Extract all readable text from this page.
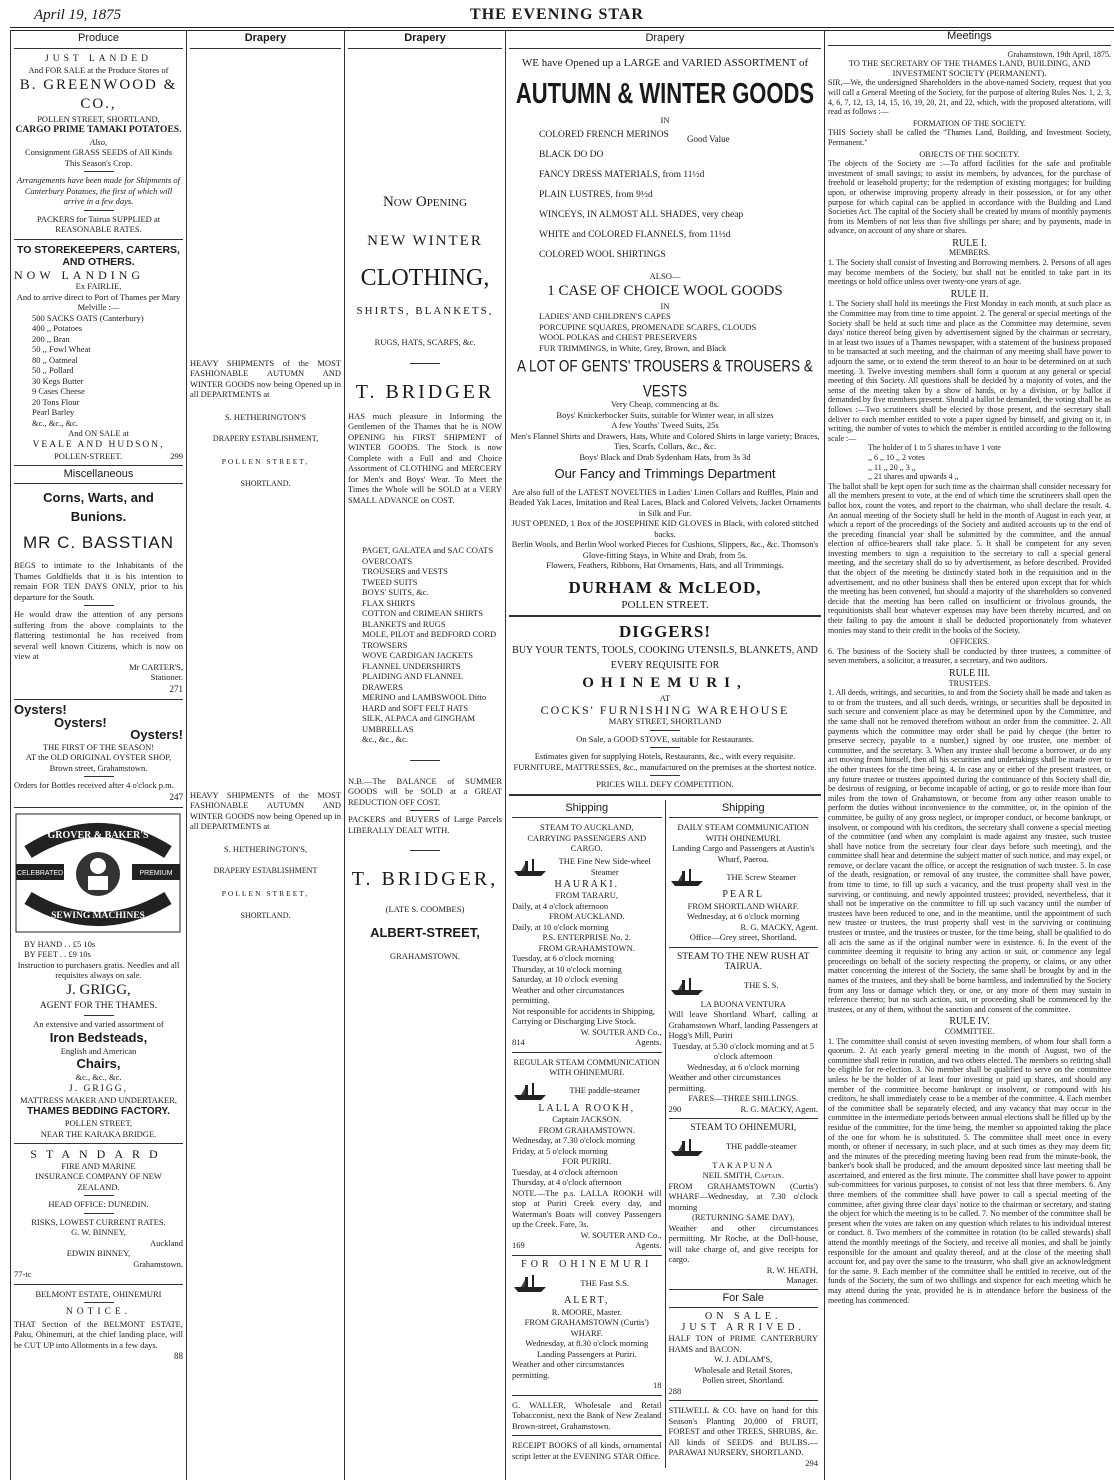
April 19, 1875	THE EVENING STAR
Produce
JUST LANDED
And FOR SALE at the Produce Stores of
B. GREENWOOD & CO.,
POLLEN STREET, SHORTLAND,
CARGO PRIME TAMAKI POTATOES.
Also,
Consignment GRASS SEEDS of All Kinds
This Season's Crop.
Arrangements have been made for Shipments of Canterbury Potatoes, the first of which will arrive in a few days.
PACKERS for Tairua SUPPLIED at REASONABLE RATES.
TO STOREKEEPERS, CARTERS, AND OTHERS.
NOW LANDING
Ex FAIRLIE,
And to arrive direct to Port of Thames per Mary Melville :—
500 SACKS OATS (Canterbury)
400 ,, Potatoes
200 ,, Bran
50 ,, Fowl Wheat
80 ,, Oatmeal
50 ,, Pollard
30 Kegs Butter
9 Cases Cheese
20 Tons Flour
Pearl Barley
&c., &c., &c.
And ON SALE at
VEALE AND HUDSON,
POLLEN-STREET.	299
Miscellaneous
Corns, Warts, and
Bunions.
MR C. BASSTIAN
BEGS to intimate to the Inhabitants of the Thames Goldfields that it is his intention to remain FOR TEN DAYS ONLY, prior to his departure for the South.
He would draw the attention of any persons suffering from the above complaints to the flattering testimonial he has received from several well known Citizens, which is now on view at
Mr CARTER'S,
Stationer.
271
Oysters!
Oysters!
Oysters!
THE FIRST OF THE SEASON!
AT the OLD ORIGINAL OYSTER SHOP, Brown street, Grahamstown.
Orders for Bottles received after 4 o'clock p.m.
247
GROVER & BAKER'S
CELEBRATED	PREMIUM
SEWING MACHINES
BY HAND . . £5 10s
BY FEET . . £9 10s
Instruction to purchasers gratis. Needles and all requisites always on sale.
J. GRIGG,
AGENT FOR THE THAMES.
An extensive and varied assortment of
Iron Bedsteads,
English and American
Chairs,
&c., &c., &c.
J. GRIGG,
MATTRESS MAKER AND UNDERTAKER,
THAMES BEDDING FACTORY.
POLLEN STREET,
NEAR THE KARAKA BRIDGE.
STANDARD
FIRE AND MARINE
INSURANCE COMPANY OF NEW ZEALAND.
HEAD OFFICE: DUNEDIN.
RISKS, LOWEST CURRENT RATES.
G. W. BINNEY,
Auckland
EDWIN BINNEY,
Grahamstown.
77-tc
BELMONT ESTATE, OHINEMURI
NOTICE.
THAT Section of the BELMONT ESTATE, Paku, Ohinemuri, at the chief landing place, will be CUT UP into Allotments in a few days.
88
Drapery
HEAVY SHIPMENTS of the MOST FASHIONABLE AUTUMN AND WINTER GOODS now being Opened up in all DEPARTMENTS at
S. HETHERINGTON'S
DRAPERY ESTABLISHMENT,
POLLEN STREET,
SHORTLAND.
HEAVY SHIPMENTS of the MOST FASHIONABLE AUTUMN AND WINTER GOODS now being Opened up in all DEPARTMENTS at
S. HETHERINGTON'S,
DRAPERY ESTABLISHMENT
POLLEN STREET,
SHORTLAND.
Drapery
Now Opening
NEW WINTER
CLOTHING,
SHIRTS, BLANKETS,
RUGS, HATS, SCARFS, &c.
T. BRIDGER
HAS much pleasure in Informing the Gentlemen of the Thames that he is NOW OPENING his FIRST SHIPMENT of WINTER GOODS. The Stock is now Complete with a Full and and Choice Assortment of CLOTHING and MERCERY for Men's and Boys' Wear. To Meet the Times the Whole will be SOLD at a VERY SMALL ADVANCE on COST.
PAGET, GALATEA and SAC COATS
OVERCOATS
TROUSERS and VESTS
TWEED SUITS
BOYS' SUITS, &c.
FLAX SHIRTS
COTTON and CRIMEAN SHIRTS
BLANKETS and RUGS
MOLE, PILOT and BEDFORD CORD TROWSERS
WOVE CARDIGAN JACKETS
FLANNEL UNDERSHIRTS
PLAIDING AND FLANNEL DRAWERS
MERINO and LAMBSWOOL Ditto
HARD and SOFT FELT HATS
SILK, ALPACA and GINGHAM UMBRELLAS
&c., &c., &c.
N.B.—The BALANCE of SUMMER GOODS will be SOLD at a GREAT REDUCTION OFF COST.
PACKERS and BUYERS of Large Parcels LIBERALLY DEALT WITH.
T. BRIDGER,
(LATE S. COOMBES)
ALBERT-STREET,
GRAHAMSTOWN.
Drapery
WE have Opened up a LARGE and VARIED ASSORTMENT of
AUTUMN & WINTER GOODS
IN
COLORED FRENCH MERINOS
BLACK DO DO
Good Value
FANCY DRESS MATERIALS, from 11½d
PLAIN LUSTRES, from 9½d
WINCEYS, IN ALMOST ALL SHADES, very cheap
WHITE and COLORED FLANNELS, from 11½d
COLORED WOOL SHIRTINGS
ALSO—
1 CASE OF CHOICE WOOL GOODS
IN
LADIES' AND CHILDREN'S CAPES
PORCUPINE SQUARES, PROMENADE SCARFS, CLOUDS
WOOL POLKAS and CHEST PRESERVERS
FUR TRIMMINGS, in White, Grey, Brown, and Black
A LOT OF GENTS' TROUSERS & TROUSERS & VESTS
Very Cheap, commencing at 8s.
Boys' Knickerbocker Suits, suitable for Winter wear, in all sizes
A few Youths' Tweed Suits, 25s
Men's Flannel Shirts and Drawers, Hats, White and Colored Shirts in large variety; Braces, Ties, Scarfs, Collars, &c., &c.
Boys' Black and Drab Sydenham Hats, from 3s 3d
Our Fancy and Trimmings Department
Are also full of the LATEST NOVELTIES in Ladies' Linen Collars and Ruffles, Plain and Beaded Yak Laces, Imitation and Real Laces, Black and Colored Velvets, Jacket Ornaments in Silk and Fur.
JUST OPENED, 1 Box of the JOSEPHINE KID GLOVES in Black, with colored stitched backs.
Berlin Wools, and Berlin Wool worked Pieces for Cushions, Slippers, &c., &c. Thomson's Glove-fitting Stays, in White and Drab, from 5s.
Flowers, Feathers, Ribbons, Hat Ornaments, Hats, and all Trimmings.
DURHAM & McLEOD,
POLLEN STREET.
DIGGERS!
BUY YOUR TENTS, TOOLS, COOKING UTENSILS, BLANKETS, AND EVERY REQUISITE FOR
OHINEMURI,
AT
COCKS' FURNISHING WAREHOUSE
MARY STREET, SHORTLAND
On Sale, a GOOD STOVE, suitable for Restaurants.
Estimates given for supplying Hotels, Restaurants, &c., with every requisite. FURNITURE, MATTRESSES, &c., manufactured on the premises at the shortest notice.
PRICES WILL DEFY COMPETITION.
Shipping
STEAM TO AUCKLAND,
CARRYING PASSENGERS AND CARGO.
THE Fine New Side-wheel Steamer
HAURAKI.
FROM TARARU,
Daily, at 4 o'clock afternoon
FROM AUCKLAND.
Daily, at 10 o'clock morning
P.S. ENTERPRISE No. 2.
FROM GRAHAMSTOWN.
Tuesday, at 6 o'clock morning
Thursday, at 10 o'clock morning
Saturday, at 10 o'clock evening
Weather and other circumstances permitting.
Not responsible for accidents in Shipping, Carrying or Discharging Live Stock.
W. SOUTER AND Co.,
814	Agents.
REGULAR STEAM COMMUNICATION WITH OHINEMURI.
THE paddle-steamer
LALLA ROOKH,
Captain JACKSON.
FROM GRAHAMSTOWN.
Wednesday, at 7.30 o'clock morning
Friday, at 5 o'clock morning
FOR PURIRI.
Tuesday, at 4 o'clock afternoon
Thursday, at 4 o'clock afternoon
NOTE.—The p.s. LALLA ROOKH will stop at Puriri Creek every day, and Waterman's Boats will convey Passengers up the Creek. Fare, 3s.
W. SOUTER AND Co.,
169	Agents.
FOR OHINEMURI
THE Fast S.S.
ALERT,
R. MOORE, Master.
FROM GRAHAMSTOWN (Curtis') WHARF.
Wednesday, at 8.30 o'clock morning
Landing Passengers at Puriri.
Weather and other circumstances permitting.
18
G. WALLER, Wholesale and Retail Tobacconist, next the Bank of New Zealand Brown-street, Grahamstown.
RECEIPT BOOKS of all kinds, ornamental script letter at the EVENING STAR Office.
Shipping
DAILY STEAM COMMUNICATION WITH OHINEMURI.
Landing Cargo and Passengers at Austin's Wharf, Paeroa.
THE Screw Steamer
PEARL
FROM SHORTLAND WHARF.
Wednesday, at 6 o'clock morning
R. G. MACKY, Agent.
Office—Grey street, Shortland.
STEAM TO THE NEW RUSH AT TAIRUA.
THE S. S.
LA BUONA VENTURA
Will leave Shortland Wharf, calling at Grahamstown Wharf, landing Passengers at Hogg's Mill, Puriri
Tuesday, at 5.30 o'clock morning and at 5 o'clock afternoon
Wednesday, at 6 o'clock morning
Weather and other circumstances permitting.
FARES—THREE SHILLINGS.
290	R. G. MACKY, Agent.
STEAM TO OHINEMURI,
THE paddle-steamer
TAKAPUNA
NEIL SMITH, Captain.
FROM GRAHAMSTOWN (Curtis') WHARF—Wednesday, at 7.30 o'clock morning
(RETURNING SAME DAY).
Weather and other circumstances permitting. Mr Roche, at the Doll-house, will take charge of, and give receipts for cargo.
R. W. HEATH,
Manager.
For Sale
ON SALE.
JUST ARRIVED.
HALF TON of PRIME CANTERBURY HAMS and BACON.
W. J. ADLAM'S,
Wholesale and Retail Stores,
Pollen street, Shortland.
288
STILWELL & CO. have on hand for this Season's Planting 20,000 of FRUIT, FOREST and other TREES, SHRUBS, &c. All kinds of SEEDS and BULBS.—PARAWAI NURSERY, SHORTLAND.
294
Meetings
Grahamstown, 19th April, 1875.
TO THE SECRETARY OF THE THAMES LAND, BUILDING, AND INVESTMENT SOCIETY (PERMANENT).
SIR,—We, the undersigned Shareholders in the above-named Society, request that you will call a General Meeting of the Society, for the purpose of altering Rules Nos. 1, 2, 3, 4, 6, 7, 12, 13, 14, 15, 16, 19, 20, 21, and 22, which, with the proposed alterations, will read as follows :—
FORMATION OF THE SOCIETY.
THIS Society shall be called the "Thames Land, Building, and Investment Society, Permanent."
OBJECTS OF THE SOCIETY.
The objects of the Society are :—To afford facilities for the safe and profitable investment of small savings; to assist its members, by advances, for the purchase of freehold or leasehold property; for the redemption of existing mortgages; for building upon, or otherwise improving property already in their possession, or for any other purpose for which capital can be applied in accordance with the Building and Land Societies Act. The capital of the Society shall be created by means of monthly payments from its Members of not less than five shillings per share; and by payments, made in advance, on account of any share or shares.
RULE I.
MEMBERS.
1. The Society shall consist of Investing and Borrowing members. 2. Persons of all ages may become members of the Society, but shall not be entitled to take part in its meetings or hold office unless over twenty-one years of age.
RULE II.
1. The Society shall hold its meetings the First Monday in each month, at such place as the Committee may from time to time appoint. 2. The general or special meetings of the Society shall be held at such time and place as the Committee may determine, seven days' notice thereof being given by advertisement signed by the chairman or secretary, in at least two issues of a Thames newspaper, with a statement of the business proposed to be transacted at such meeting, and the chairman of any meeting shall have power to adjourn the same, or to extend the term thereof to an hour to be determined on at such meeting. 3. Twelve investing members shall form a quorum at any general or special meeting of this Society. All questions shall be decided by a majority of votes, and the sense of the meeting taken by a show of hands, or by a division, or by ballot if demanded by five members present. Should a ballot be demanded, the voting shall be as follows :—Two scrutineers shall be elected by those present, and the secretary shall deliver to each member entitled to vote a paper signed by himself, and giving on it, in writing, the number of votes to which the member is entitled according to the following scale :—
The holder of 1 to 5 shares to have 1 vote
,, 6 ,, 10 ,, 2 votes
,, 11 ,, 20 ,, 3 ,,
,, 21 shares and upwards 4 ,,
The ballot shall be kept open for such time as the chairman shall consider necessary for all the members present to vote, at the end of which time the scrutineers shall open the ballot box, count the votes, and report to the chairman, who shall declare the result. 4. An annual meeting of the Society shall be held in the month of August in each year, at which a report of the proceedings of the Society and audited accounts up to the end of the preceding financial year shall be submitted by the committee, and the annual election of office-bearers shall take place. 5. It shall be competent for any seven investing members to sign a requisition to the secretary to call a special general meeting, and the secretary shall do so by advertisement, as before described. Provided that the object of the meeting be distinctly stated both in the requisition and in the advertisement, and no other business shall then be entered upon except that for which the meeting has been convened, but should a majority of the shareholders so convened decide that the meeting has been called on insufficient or frivolous grounds, the requisitionists shall bear whatever expenses may have been thereby incurred, and on their failing to pay the amount it shall be deducted proportionately from whatever monies may stand to their credit in the books of the Society.
OFFICERS.
6. The business of the Society shall be conducted by three trustees, a committee of seven members, a solicitor, a treasurer, a secretary, and two auditors.
RULE III.
TRUSTEES.
1. All deeds, writings, and securities, to and from the Society shall be made and taken as to or from the trustees, and all such deeds, writings, or securities shall be deposited in such secure and convenient place as may be determined upon by the Committee, and the same shall not be removed therefrom without an order from the committee. 2. All payments which the committee may order shall be paid by cheque (the better to preserve secrecy, payable to a number,) signed by one trustee, one member of committee, and the secretary. 3. When any trustee shall become a borrower, or do any act moving from himself, then all his securities and undertakings shall be made over to the other trustees for the time being. 4. In case any or either of the present trustees, or any future trustee or trustees appointed during the continuance of this Society shall die, be desirous of resigning, or become incapable of acting, or go to reside more than four miles from the town of Grahamstown, or become from any other reason unable to perform the duties without inconvenience to the committee, or, in the opinion of the committee, be guilty of any gross neglect, or improper conduct, or become bankrupt, or insolvent, or compound with his creditors, the secretary shall convene a special meeting of the committee (and when any complaint is made against any trustee, such trustee shall have notice from the secretary four clear days before such meeting), and the committee shall hear and determine the subject matter of such notice, and may expel, or remove, or declare vacant the office, or accept the resignation of such trustee. 5. In case of the death, resignation, or removal of any trustee, the committee shall have power, from time to time, to fill up such a vacancy, and the trust property shall vest in the surviving, or continuing, and newly appointed trustees; provided, nevertheless, that it shall not be imperative on the committee to fill up such vacancy until the number of trustees have been reduced to one, and in the meantime, until the appointment of such new trustee or trustees, the trust property shall vest in the surviving or continuing trustees or trustee, and the trustees or trustee, for the time being, shall be qualified to do all acts the same as if the original number were in existence. 6. In the event of the committee deeming it requisite to bring any action or suit, or commence any legal proceedings on behalf of the society respecting the property, or claims, or any other matter concerning the interest of the Society, the same shall be brought by and in the names of the trustees, and they shall be borne harmless, and indemnified by the Society from any loss or damage which they, or one, or any more of them may sustain in reference thereto; but no such action, suit, or proceeding shall be commenced by the trustees, or any of them, without the sanction and consent of the committee.
RULE IV.
COMMITTEE.
1. The committee shall consist of seven investing members, of whom four shall form a quorum. 2. At each yearly general meeting in the month of August, two of the committee shall retire in rotation, and two others elected. The members so retiring shall be eligible for re-election. 3. No member shall be qualified to serve on the committee unless he be the holder of at least four investing or paid up shares, and should any member of the committee become bankrupt or insolvent, or compound with his creditors, he shall immediately cease to be a member of the committee. 4. Each member of the committee shall be separately elected, and any vacancy that may occur in the committee in the intermediate periods between annual elections shall be filled up by the residue of the committee, for the time being, the member so appointed taking the place of the one for whom he is substituted. 5. The committee shall meet once in every month, or oftener if necessary, in such place, and at such times as they may deem fit; and the minutes of the preceding meeting having been read from the minute-book, the banker's book shall be produced, and the amount deposited since last meeting shall be ascertained, and entered as the first minute. The committee shall have power to appoint sub-committees for various purposes, to consist of not less that three members. 6. Any three members of the committee shall have power to call a special meeting of the committee, after giving three clear days' notice to the chairman or secretary, and stating the object for which the meeting is to be called. 7. No member of the committee shall be present when the votes are taken on any question which relates to his individual interest or conduct. 8. Two members of the committee in rotation (to be called stewards) shall attend the monthly meetings of the Society, and receive all monies, and shall be jointly responsible for the amount and quality thereof, and at the close of the meeting shall account for, and pay over the same to the treasurer, who shall give an acknowledgment for the same. 9. Each member of the committee shall be entitled to receive, out of the funds of the Society, the sum of two shillings and sixpence for each meeting which he may attend during the year, provided he is in attendance before the business of the meeting has commenced.
